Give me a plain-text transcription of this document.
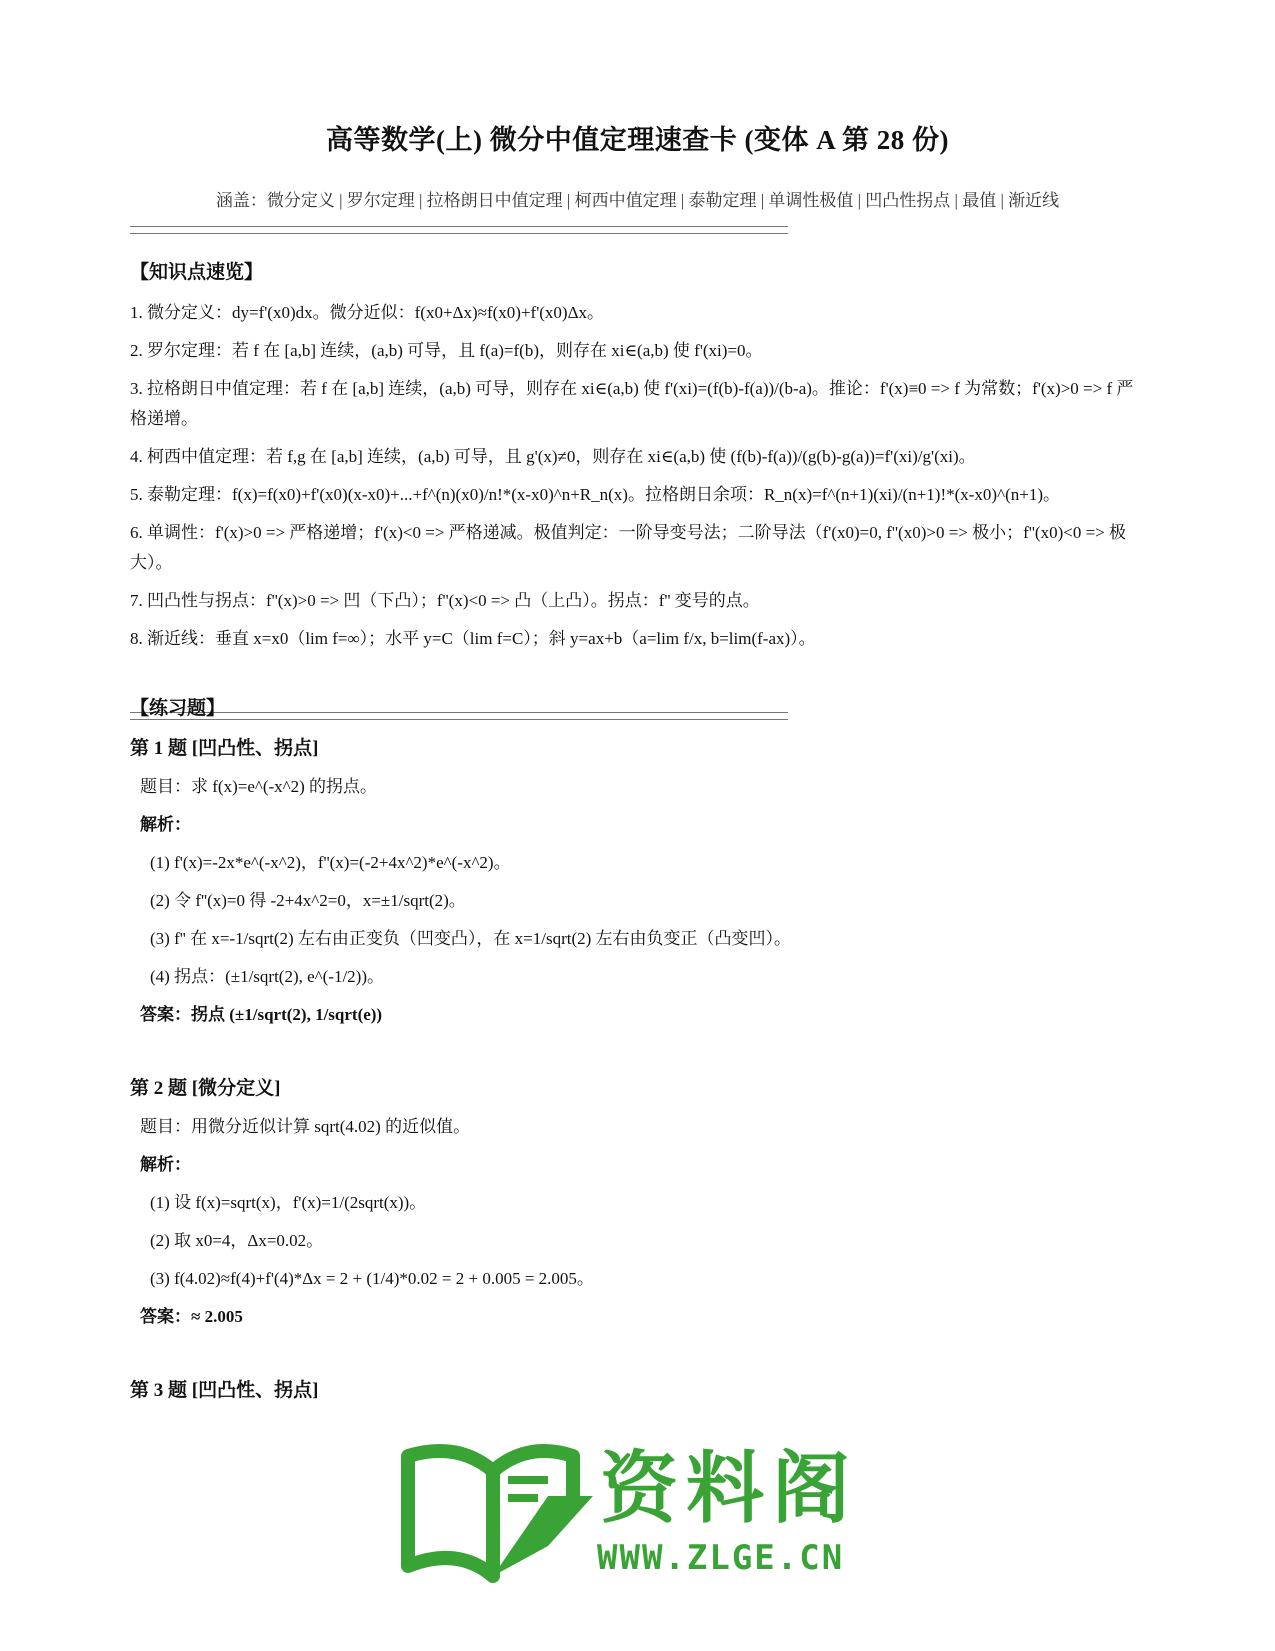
高等数学(上) 微分中值定理速查卡 (变体 A 第 28 份)
涵盖：微分定义 | 罗尔定理 | 拉格朗日中值定理 | 柯西中值定理 | 泰勒定理 | 单调性极值 | 凹凸性拐点 | 最值 | 渐近线

【知识点速览】

1. 微分定义：dy=f'(x0)dx。微分近似：f(x0+Δx)≈f(x0)+f'(x0)Δx。

2. 罗尔定理：若 f 在 [a,b] 连续，(a,b) 可导，且 f(a)=f(b)，则存在 xi∈(a,b) 使 f'(xi)=0。

3. 拉格朗日中值定理：若 f 在 [a,b] 连续，(a,b) 可导，则存在 xi∈(a,b) 使 f'(xi)=(f(b)-f(a))/(b-a)。推论：f'(x)≡0 => f 为常数；f'(x)>0 => f 严格递增。

4. 柯西中值定理：若 f,g 在 [a,b] 连续，(a,b) 可导，且 g'(x)≠0，则存在 xi∈(a,b) 使 (f(b)-f(a))/(g(b)-g(a))=f'(xi)/g'(xi)。

5. 泰勒定理：f(x)=f(x0)+f'(x0)(x-x0)+...+f^(n)(x0)/n!*(x-x0)^n+R_n(x)。拉格朗日余项：R_n(x)=f^(n+1)(xi)/(n+1)!*(x-x0)^(n+1)。

6. 单调性：f'(x)>0 => 严格递增；f'(x)<0 => 严格递减。极值判定：一阶导变号法；二阶导法（f'(x0)=0, f''(x0)>0 => 极小；f''(x0)<0 => 极大）。

7. 凹凸性与拐点：f''(x)>0 => 凹（下凸）；f''(x)<0 => 凸（上凸）。拐点：f'' 变号的点。

8. 渐近线：垂直 x=x0（lim f=∞）；水平 y=C（lim f=C）；斜 y=ax+b（a=lim f/x, b=lim(f-ax)）。

【练习题】

第 1 题 [凹凸性、拐点]

题目：求 f(x)=e^(-x^2) 的拐点。

解析：

(1) f'(x)=-2x*e^(-x^2)，f''(x)=(-2+4x^2)*e^(-x^2)。

(2) 令 f''(x)=0 得 -2+4x^2=0，x=±1/sqrt(2)。

(3) f'' 在 x=-1/sqrt(2) 左右由正变负（凹变凸），在 x=1/sqrt(2) 左右由负变正（凸变凹）。

(4) 拐点：(±1/sqrt(2), e^(-1/2))。

答案：拐点 (±1/sqrt(2), 1/sqrt(e))

第 2 题 [微分定义]

题目：用微分近似计算 sqrt(4.02) 的近似值。

解析：

(1) 设 f(x)=sqrt(x)，f'(x)=1/(2sqrt(x))。

(2) 取 x0=4，Δx=0.02。

(3) f(4.02)≈f(4)+f'(4)*Δx = 2 + (1/4)*0.02 = 2 + 0.005 = 2.005。

答案：≈ 2.005

第 3 题 [凹凸性、拐点]

资料阁
WWW.ZLGE.CN
